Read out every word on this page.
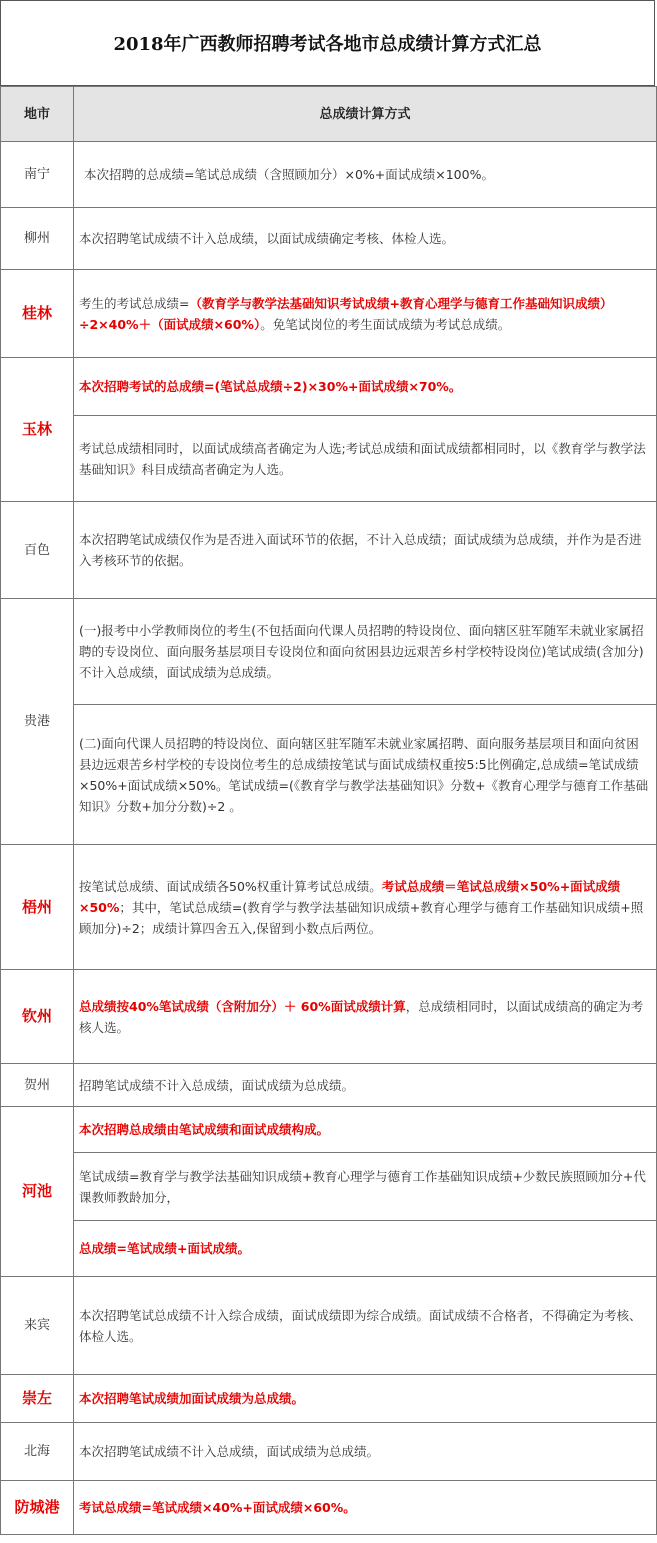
2018年广西教师招聘考试各地市总成绩计算方式汇总
地市	总成绩计算方式
南宁	本次招聘的总成绩=笔试总成绩（含照顾加分）×0%+面试成绩×100%。
柳州	本次招聘笔试成绩不计入总成绩，以面试成绩确定考核、体检人选。
桂林	考生的考试总成绩=（教育学与教学法基础知识考试成绩+教育心理学与德育工作基础知识成绩）÷2×40%＋（面试成绩×60%）。免笔试岗位的考生面试成绩为考试总成绩。
玉林	本次招聘考试的总成绩=(笔试总成绩÷2)×30%+面试成绩×70%。
	考试总成绩相同时，以面试成绩高者确定为人选;考试总成绩和面试成绩都相同时，以《教育学与教学法基础知识》科目成绩高者确定为人选。
百色	本次招聘笔试成绩仅作为是否进入面试环节的依据，不计入总成绩；面试成绩为总成绩，并作为是否进入考核环节的依据。
贵港	(一)报考中小学教师岗位的考生(不包括面向代课人员招聘的特设岗位、面向辖区驻军随军未就业家属招聘的专设岗位、面向服务基层项目专设岗位和面向贫困县边远艰苦乡村学校特设岗位)笔试成绩(含加分)不计入总成绩，面试成绩为总成绩。
	(二)面向代课人员招聘的特设岗位、面向辖区驻军随军未就业家属招聘、面向服务基层项目和面向贫困县边远艰苦乡村学校的专设岗位考生的总成绩按笔试与面试成绩权重按5:5比例确定,总成绩=笔试成绩×50%+面试成绩×50%。笔试成绩=(《教育学与教学法基础知识》分数+《教育心理学与德育工作基础知识》分数+加分分数)÷2 。
梧州	按笔试总成绩、面试成绩各50%权重计算考试总成绩。考试总成绩＝笔试总成绩×50%+面试成绩×50%；其中，笔试总成绩=(教育学与教学法基础知识成绩+教育心理学与德育工作基础知识成绩+照顾加分)÷2；成绩计算四舍五入,保留到小数点后两位。
钦州	总成绩按40%笔试成绩（含附加分）＋ 60%面试成绩计算，总成绩相同时，以面试成绩高的确定为考核人选。
贺州	招聘笔试成绩不计入总成绩，面试成绩为总成绩。
河池	本次招聘总成绩由笔试成绩和面试成绩构成。
	笔试成绩=教育学与教学法基础知识成绩+教育心理学与德育工作基础知识成绩+少数民族照顾加分+代课教师教龄加分，
	总成绩=笔试成绩+面试成绩。
来宾	本次招聘笔试总成绩不计入综合成绩，面试成绩即为综合成绩。面试成绩不合格者，不得确定为考核、体检人选。
崇左	本次招聘笔试成绩加面试成绩为总成绩。
北海	本次招聘笔试成绩不计入总成绩，面试成绩为总成绩。
防城港	考试总成绩=笔试成绩×40%+面试成绩×60%。
